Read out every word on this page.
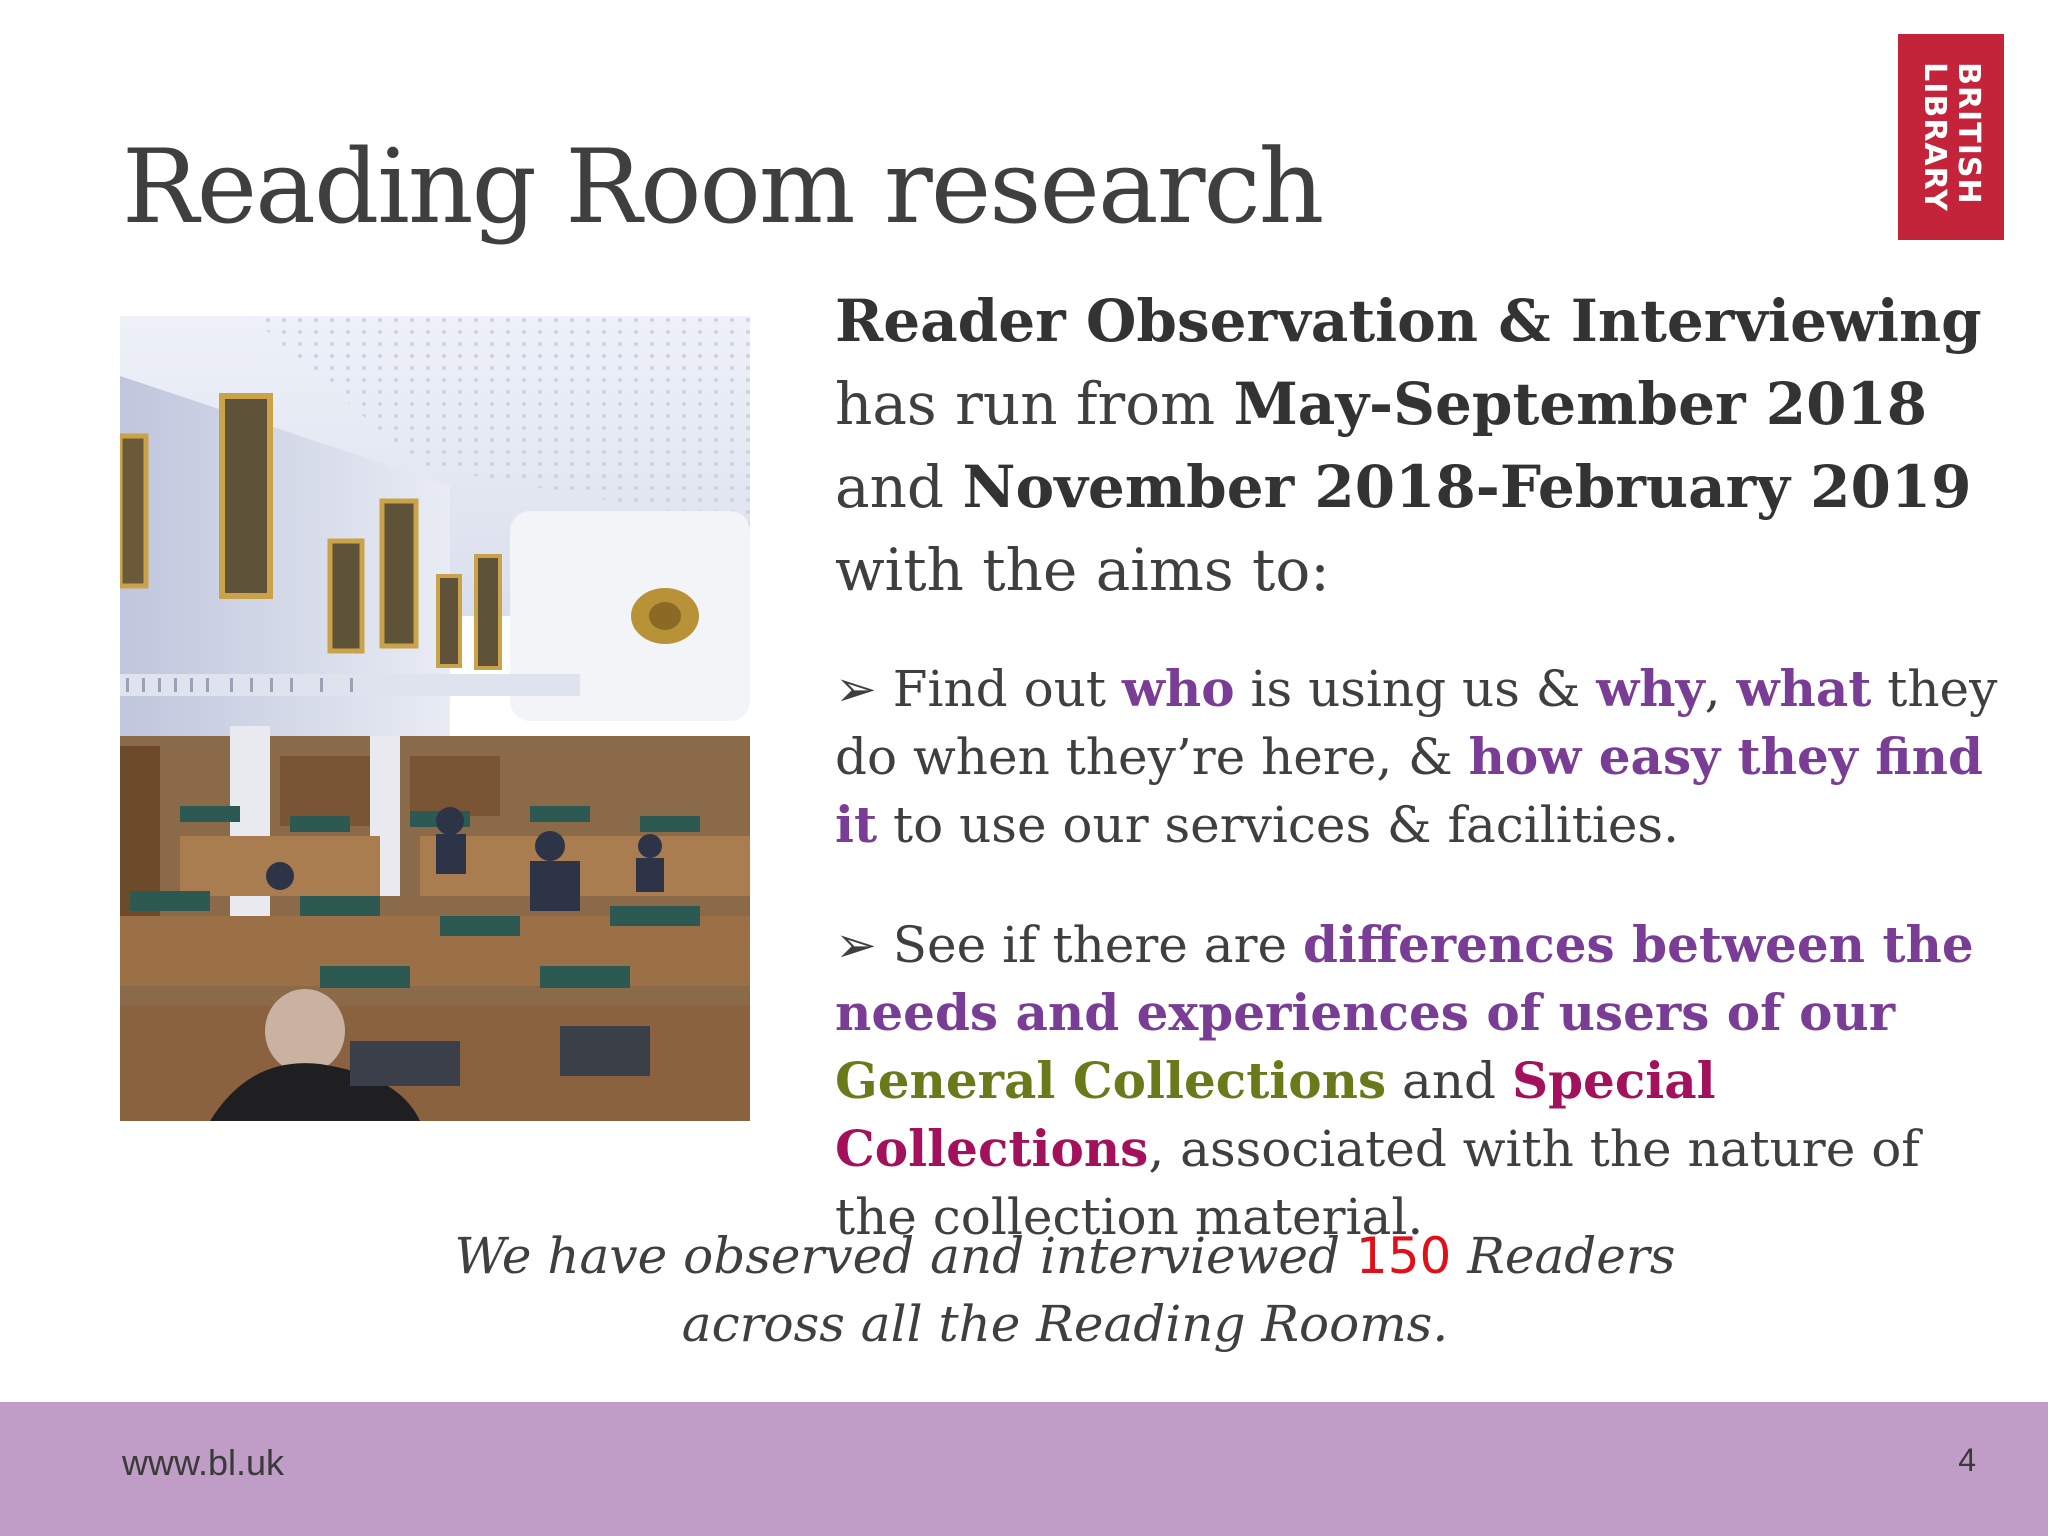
Reading Room research	BRITISH
LIBRARY

Reader Observation & Interviewing has run from May-September 2018 and November 2018-February 2019 with the aims to:

➢ Find out who is using us & why, what they do when they’re here, & how easy they find it to use our services & facilities.

➢ See if there are differences between the needs and experiences of users of our General Collections and Special Collections, associated with the nature of the collection material.

We have observed and interviewed 150 Readers
across all the Reading Rooms.
www.bl.uk	4
